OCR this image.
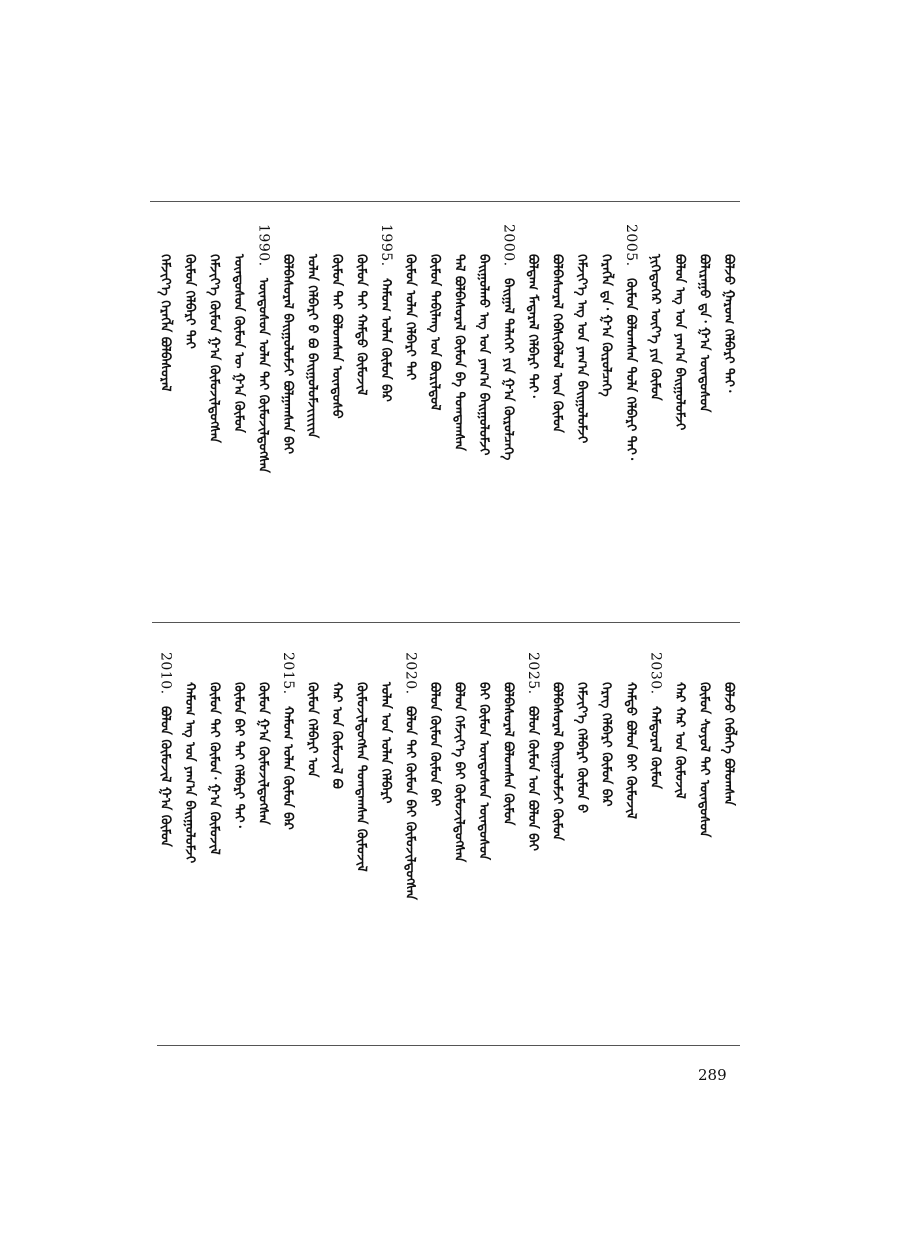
ᠪᠣᠯᠵᠤ ᠭᠠᠷᠤᠭ ᠬᠡᠯᠪᠡᠷᠢ ᠲᠠᠢ᠂
ᠪᠣᠯᠢᠷᠠᠭᠤ ᠳᠠ᠂ ᠭ᠎ᠠ ᠦᠨᠳᠦᠰᠦᠨ
ᠪᠣᠯᠤᠨ ᠡᠩ ᠤᠨ ᠶᠠᠭ᠎ᠠ ᠪᠠᠢᠭᠤᠯᠤᠮᠵᠢ
ᠨᠢᠭᠡᠳᠦᠭᠡᠷ ᠦᠶ᠎ᠡ ᠶᠢᠨ ᠬᠦᠮᠦᠨ
2005.
ᠬᠦᠮᠦᠨ ᠪᠣᠯᠤᠭᠰᠠᠨ ᠲᠤᠯᠠ ᠬᠡᠯᠪᠡᠷᠢ ᠲᠠᠢ᠂
ᠬᠡᠷᠡᠭᠯᠡ ᠳᠠ᠂ ᠭ᠎ᠠ ᠬᠦᠷᠦᠯᠴᠡᠭᠡ
ᠬᠡᠮᠵᠢᠶ᠎ᠡ ᠡᠩ ᠤᠨ ᠶᠠᠭ᠎ᠠ ᠪᠠᠢᠭᠤᠯᠤᠮᠵᠢ
ᠪᠣᠯᠪᠠᠰᠤᠷᠠᠯ ᠬᠡᠪᠰᠢᠭᠦᠯᠦᠯ ᠦᠨ ᠬᠦᠮᠦᠨ
ᠪᠣᠯᠳᠠᠭ ᠮᠡᠳᠡᠷᠡᠯ ᠬᠡᠯᠪᠡᠷᠢ ᠲᠠᠢ᠂
2000.
ᠪᠠᠢᠭᠠᠯ ᠳᠡᠯᠡᠬᠡᠢ ᠶᠢᠨ ᠭ᠎ᠠ ᠬᠦᠷᠦᠯᠴᠡᠭᠡ
ᠪᠠᠢᠭᠤᠯᠬᠤ ᠡᠩ ᠤᠨ ᠶᠠᠭ᠎ᠠ ᠪᠠᠢᠭᠤᠯᠤᠮᠵᠢ
ᠲᠠᠯ ᠪᠣᠯᠪᠠᠰᠤᠷᠠᠯ ᠬᠦᠮᠦᠨ ᠪᠡ ᠲᠣᠭᠲᠠᠭᠰᠠᠨ
ᠬᠦᠮᠦᠨ ᠲᠠᠪᠢᠯᠠᠩ ᠤᠨ ᠪᠦᠷᠢᠯᠳᠦᠯ
ᠬᠦᠮᠦᠨ ᠤᠯᠠᠨ ᠬᠡᠯᠪᠡᠷᠢ ᠲᠠᠢ
1995.
ᠬᠠᠮᠤᠭ ᠤᠯᠠᠨ ᠬᠦᠮᠦᠨ ᠪᠠᠷ
ᠬᠦᠮᠦᠨ ᠲᠠᠢ ᠬᠠᠮᠲᠤ ᠬᠦᠮᠦᠵᠢᠯ
ᠬᠦᠮᠦᠨ ᠲᠠᠢ ᠪᠣᠯᠣᠭᠰᠠᠨ ᠦᠨᠳᠦᠰᠦ
ᠤᠯᠠᠨ ᠬᠡᠯᠪᠡᠷᠢ ᠪ ᠪᠣ ᠪᠠᠢᠭᠤᠯᠤᠮᠵᠢᠢᠢᠢᠢᠨ
ᠪᠣᠯᠪᠠᠰᠤᠷᠠᠯ ᠪᠠᠢᠭᠤᠯᠤᠮᠵᠢ ᠪᠣᠯᠭᠠᠭᠰᠠᠨ ᠪᠠᠢ
1990.
ᠦᠨᠳᠦᠰᠦᠨ ᠤᠯᠠᠨ ᠲᠠᠢ ᠬᠦᠮᠦᠵᠢᠯᠳᠦᠭᠰᠡᠨ
ᠦᠨᠳᠦᠰᠦᠨ ᠬᠦᠮᠦᠨ ᠦ ᠭ᠎ᠠ ᠬᠦᠮᠦᠨ
ᠬᠡᠮᠵᠢᠶ᠎ᠡ ᠬᠦᠮᠦᠨ ᠭ᠎ᠠ ᠬᠦᠮᠦᠵᠢᠯᠳᠦᠭᠰᠡᠨ
ᠬᠦᠮᠦᠨ ᠬᠡᠯᠪᠡᠷᠢ ᠲᠠᠢ
ᠬᠡᠮᠵᠢᠶ᠎ᠡ ᠬᠡᠷᠡᠭᠯᠡ ᠪᠣᠯᠪᠠᠰᠤᠷᠠᠯ
ᠪᠣᠯᠵᠤ ᠬᠡᠪᠯᠡᠭᠡ ᠪᠣᠯᠣᠭᠰᠠᠨ
ᠬᠦᠮᠦᠨ ᠰᠣᠶᠣᠯ ᠲᠠᠢ ᠦᠨᠳᠦᠰᠦᠨ
ᠬᠠᠷ ᠬᠠᠷ ᠤᠨ ᠬᠦᠮᠦᠵᠢᠯ
2030.
ᠬᠠᠮᠲᠤᠷᠠᠯ ᠬᠦᠮᠦᠨ
ᠬᠠᠮᠲᠤ ᠪᠣᠯᠤᠨ ᠪᠠᠢ ᠬᠦᠮᠦᠵᠢᠯ
ᠬᠡᠷᠡᠭ ᠬᠡᠯᠪᠡᠷᠢ ᠬᠦᠮᠦᠨ ᠪᠠᠷ
ᠬᠡᠮᠵᠢᠶ᠎ᠡ ᠬᠡᠯᠪᠡᠷᠢ ᠬᠦᠮᠦᠨ ᠪ
ᠪᠣᠯᠪᠠᠰᠤᠷᠠᠯ ᠪᠠᠢᠭᠤᠯᠤᠮᠵᠢ ᠬᠦᠮᠦᠨ
2025.
ᠪᠣᠯᠤᠨ ᠬᠦᠮᠦᠨ ᠤᠨ ᠪᠣᠯᠤᠨ ᠪᠠᠢ
ᠪᠣᠯᠪᠠᠰᠤᠷᠠᠯ ᠪᠣᠯᠤᠭᠰᠠᠨ ᠬᠦᠮᠦᠨ
ᠪᠠᠢ ᠬᠦᠮᠦᠨ ᠦᠨᠳᠦᠰᠦᠨ ᠦᠨᠳᠦᠰᠦᠨ
ᠪᠣᠯᠤᠨ ᠬᠡᠮᠵᠢᠶ᠎ᠡ ᠪᠠᠢ ᠬᠦᠮᠦᠵᠢᠯᠳᠦᠭᠰᠡᠨ
ᠪᠣᠯᠤᠨ ᠬᠦᠮᠦᠨ ᠬᠦᠮᠦᠨ ᠪᠠᠢ
2020.
ᠪᠣᠯᠤᠨ ᠲᠠᠢ ᠬᠦᠮᠦᠨ ᠪᠠᠢ ᠬᠦᠮᠦᠵᠢᠯᠳᠦᠭᠰᠡᠨ
ᠤᠯᠠᠨ ᠤᠨ ᠤᠯᠠᠨ ᠬᠡᠯᠪᠡᠷᠢ
ᠬᠦᠮᠦᠵᠢᠯᠳᠦᠭᠰᠡᠨ ᠲᠣᠭᠲᠠᠭᠰᠠᠨ ᠬᠦᠮᠦᠵᠢᠯ
ᠬᠠᠷ ᠤᠨ ᠬᠦᠮᠦᠵᠢᠯ ᠪᠣ
ᠬᠦᠮᠦᠨ ᠬᠡᠯᠪᠡᠷᠢ ᠤᠨ
2015.
ᠬᠠᠮᠤᠭ ᠤᠯᠠᠨ ᠬᠦᠮᠦᠨ ᠪᠠᠷ
ᠬᠦᠮᠦᠨ ᠭ᠎ᠠ ᠬᠦᠮᠦᠵᠢᠯᠳᠦᠭᠰᠡᠨ
ᠬᠦᠮᠦᠨ ᠪᠠᠢ ᠲᠠᠢ ᠬᠡᠯᠪᠡᠷᠢ ᠲᠠᠢ᠂
ᠬᠦᠮᠦᠨ ᠲᠠᠢ ᠬᠦᠮᠦᠨ᠂ ᠭ᠎ᠠ ᠬᠦᠮᠦᠵᠢᠯ
ᠬᠠᠮᠤᠭ ᠡᠩ ᠤᠨ ᠶᠠᠭ᠎ᠠ ᠪᠠᠢᠭᠤᠯᠤᠮᠵᠢ
2010.
ᠪᠣᠯᠤᠨ ᠬᠦᠮᠦᠵᠢᠯ ᠭ᠎ᠠ ᠬᠦᠮᠦᠨ
289
